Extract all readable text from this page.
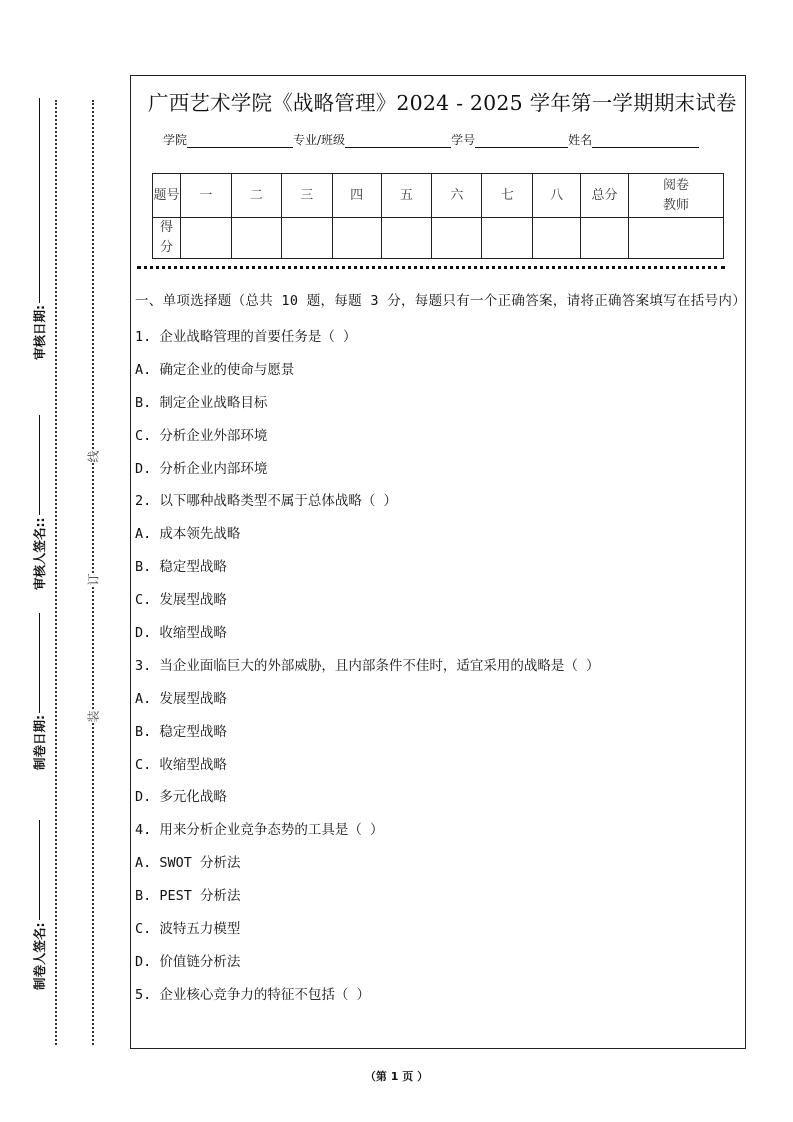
线
订
装
审核日期:
审核人签名::
制卷日期:
制卷人签名:
广西艺术学院《战略管理》2024 - 2025 学年第一学期期末试卷
学院	专业/班级	学号	姓名
题号	一	二	三	四	五	六	七	八	总分	阅卷教师
得分										
一、单项选择题（总共 10 题，每题 3 分，每题只有一个正确答案，请将正确答案填写在括号内）
1. 企业战略管理的首要任务是（ ）
A. 确定企业的使命与愿景
B. 制定企业战略目标
C. 分析企业外部环境
D. 分析企业内部环境
2. 以下哪种战略类型不属于总体战略（ ）
A. 成本领先战略
B. 稳定型战略
C. 发展型战略
D. 收缩型战略
3. 当企业面临巨大的外部威胁，且内部条件不佳时，适宜采用的战略是（ ）
A. 发展型战略
B. 稳定型战略
C. 收缩型战略
D. 多元化战略
4. 用来分析企业竞争态势的工具是（ ）
A. SWOT 分析法
B. PEST 分析法
C. 波特五力模型
D. 价值链分析法
5. 企业核心竞争力的特征不包括（ ）
（第 1 页 ）
